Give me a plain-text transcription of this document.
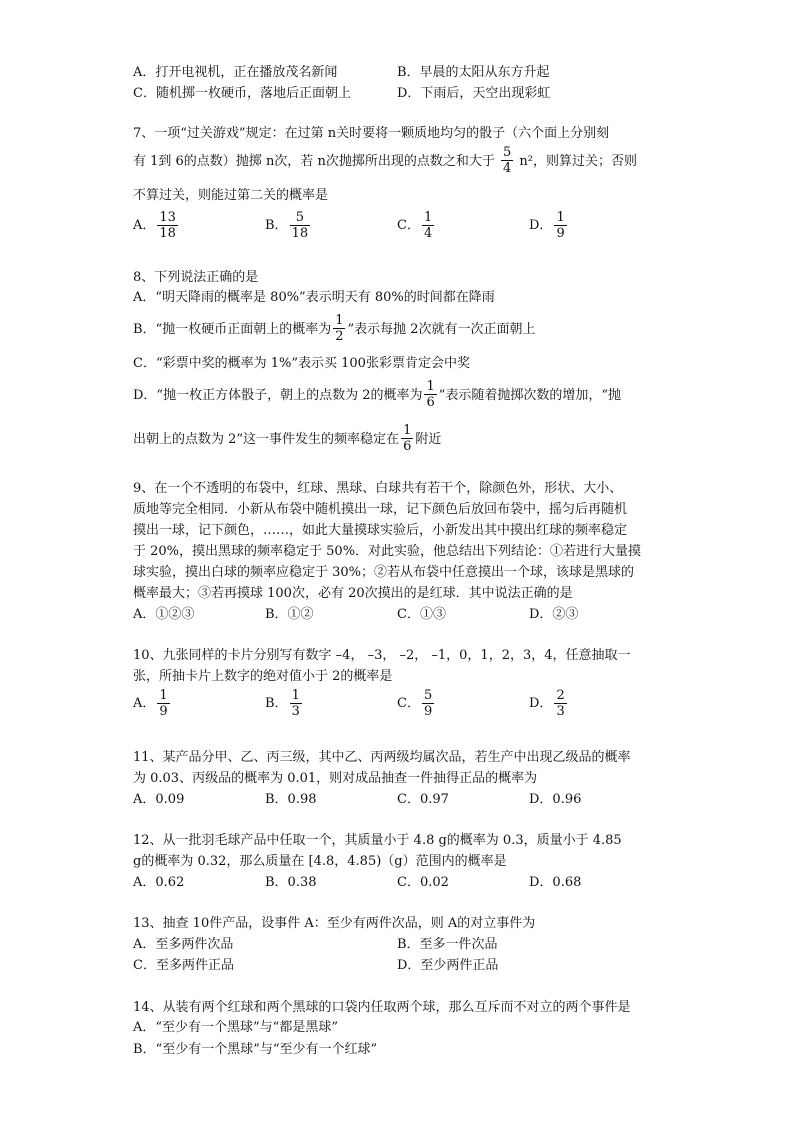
A．打开电视机，正在播放茂名新闻	B．早晨的太阳从东方升起
C．随机掷一枚硬币，落地后正面朝上	D．下雨后，天空出现彩虹
7、一项“过关游戏”规定：在过第 n关时要将一颗质地均匀的骰子（六个面上分别刻
有 1到 6的点数）抛掷 n次，若 n次抛掷所出现的点数之和大于 $\frac{5}{4} n^2$，则算过关；否则
不算过关，则能过第二关的概率是
A． $\frac{13}{18}$	B． $\frac{5}{18}$	C． $\frac{1}{4}$	D． $\frac{1}{9}$
8、下列说法正确的是
A．“明天降雨的概率是 80%”表示明天有 80%的时间都在降雨
B．“抛一枚硬币正面朝上的概率为 $\frac{1}{2}$ ”表示每抛 2次就有一次正面朝上
C．“彩票中奖的概率为 1%”表示买 100张彩票肯定会中奖
D．“抛一枚正方体骰子，朝上的点数为 2的概率为 $\frac{1}{6}$ ”表示随着抛掷次数的增加，“抛
出朝上的点数为 2”这一事件发生的频率稳定在 $\frac{1}{6}$ 附近
9、在一个不透明的布袋中，红球、黑球、白球共有若干个，除颜色外，形状、大小、
质地等完全相同．小新从布袋中随机摸出一球，记下颜色后放回布袋中，摇匀后再随机
摸出一球，记下颜色，……，如此大量摸球实验后，小新发出其中摸出红球的频率稳定
于 20%，摸出黑球的频率稳定于 50%．对此实验，他总结出下列结论：①若进行大量摸
球实验，摸出白球的频率应稳定于 30%；②若从布袋中任意摸出一个球，该球是黑球的
概率最大；③若再摸球 100次，必有 20次摸出的是红球．其中说法正确的是
A．①②③	B．①②	C．①③	D．②③
10、九张同样的卡片分别写有数字 –4， –3， –2， –1，0，1，2，3，4，任意抽取一
张，所抽卡片上数字的绝对值小于 2的概率是
A． $\frac{1}{9}$	B． $\frac{1}{3}$	C． $\frac{5}{9}$	D． $\frac{2}{3}$
11、某产品分甲、乙、丙三级，其中乙、丙两级均属次品，若生产中出现乙级品的概率
为 0.03、丙级品的概率为 0.01，则对成品抽查一件抽得正品的概率为
A．0.09	B．0.98	C．0.97	D．0.96
12、从一批羽毛球产品中任取一个，其质量小于 4.8 g的概率为 0.3，质量小于 4.85
g的概率为 0.32，那么质量在 [4.8，4.85)（g）范围内的概率是
A．0.62	B．0.38	C．0.02	D．0.68
13、抽查 10件产品，设事件 A：至少有两件次品，则 A的对立事件为
A．至多两件次品	B．至多一件次品
C．至多两件正品	D．至少两件正品
14、从装有两个红球和两个黑球的口袋内任取两个球，那么互斥而不对立的两个事件是
A．“至少有一个黑球”与“都是黑球”
B．“至少有一个黑球”与“至少有一个红球”
